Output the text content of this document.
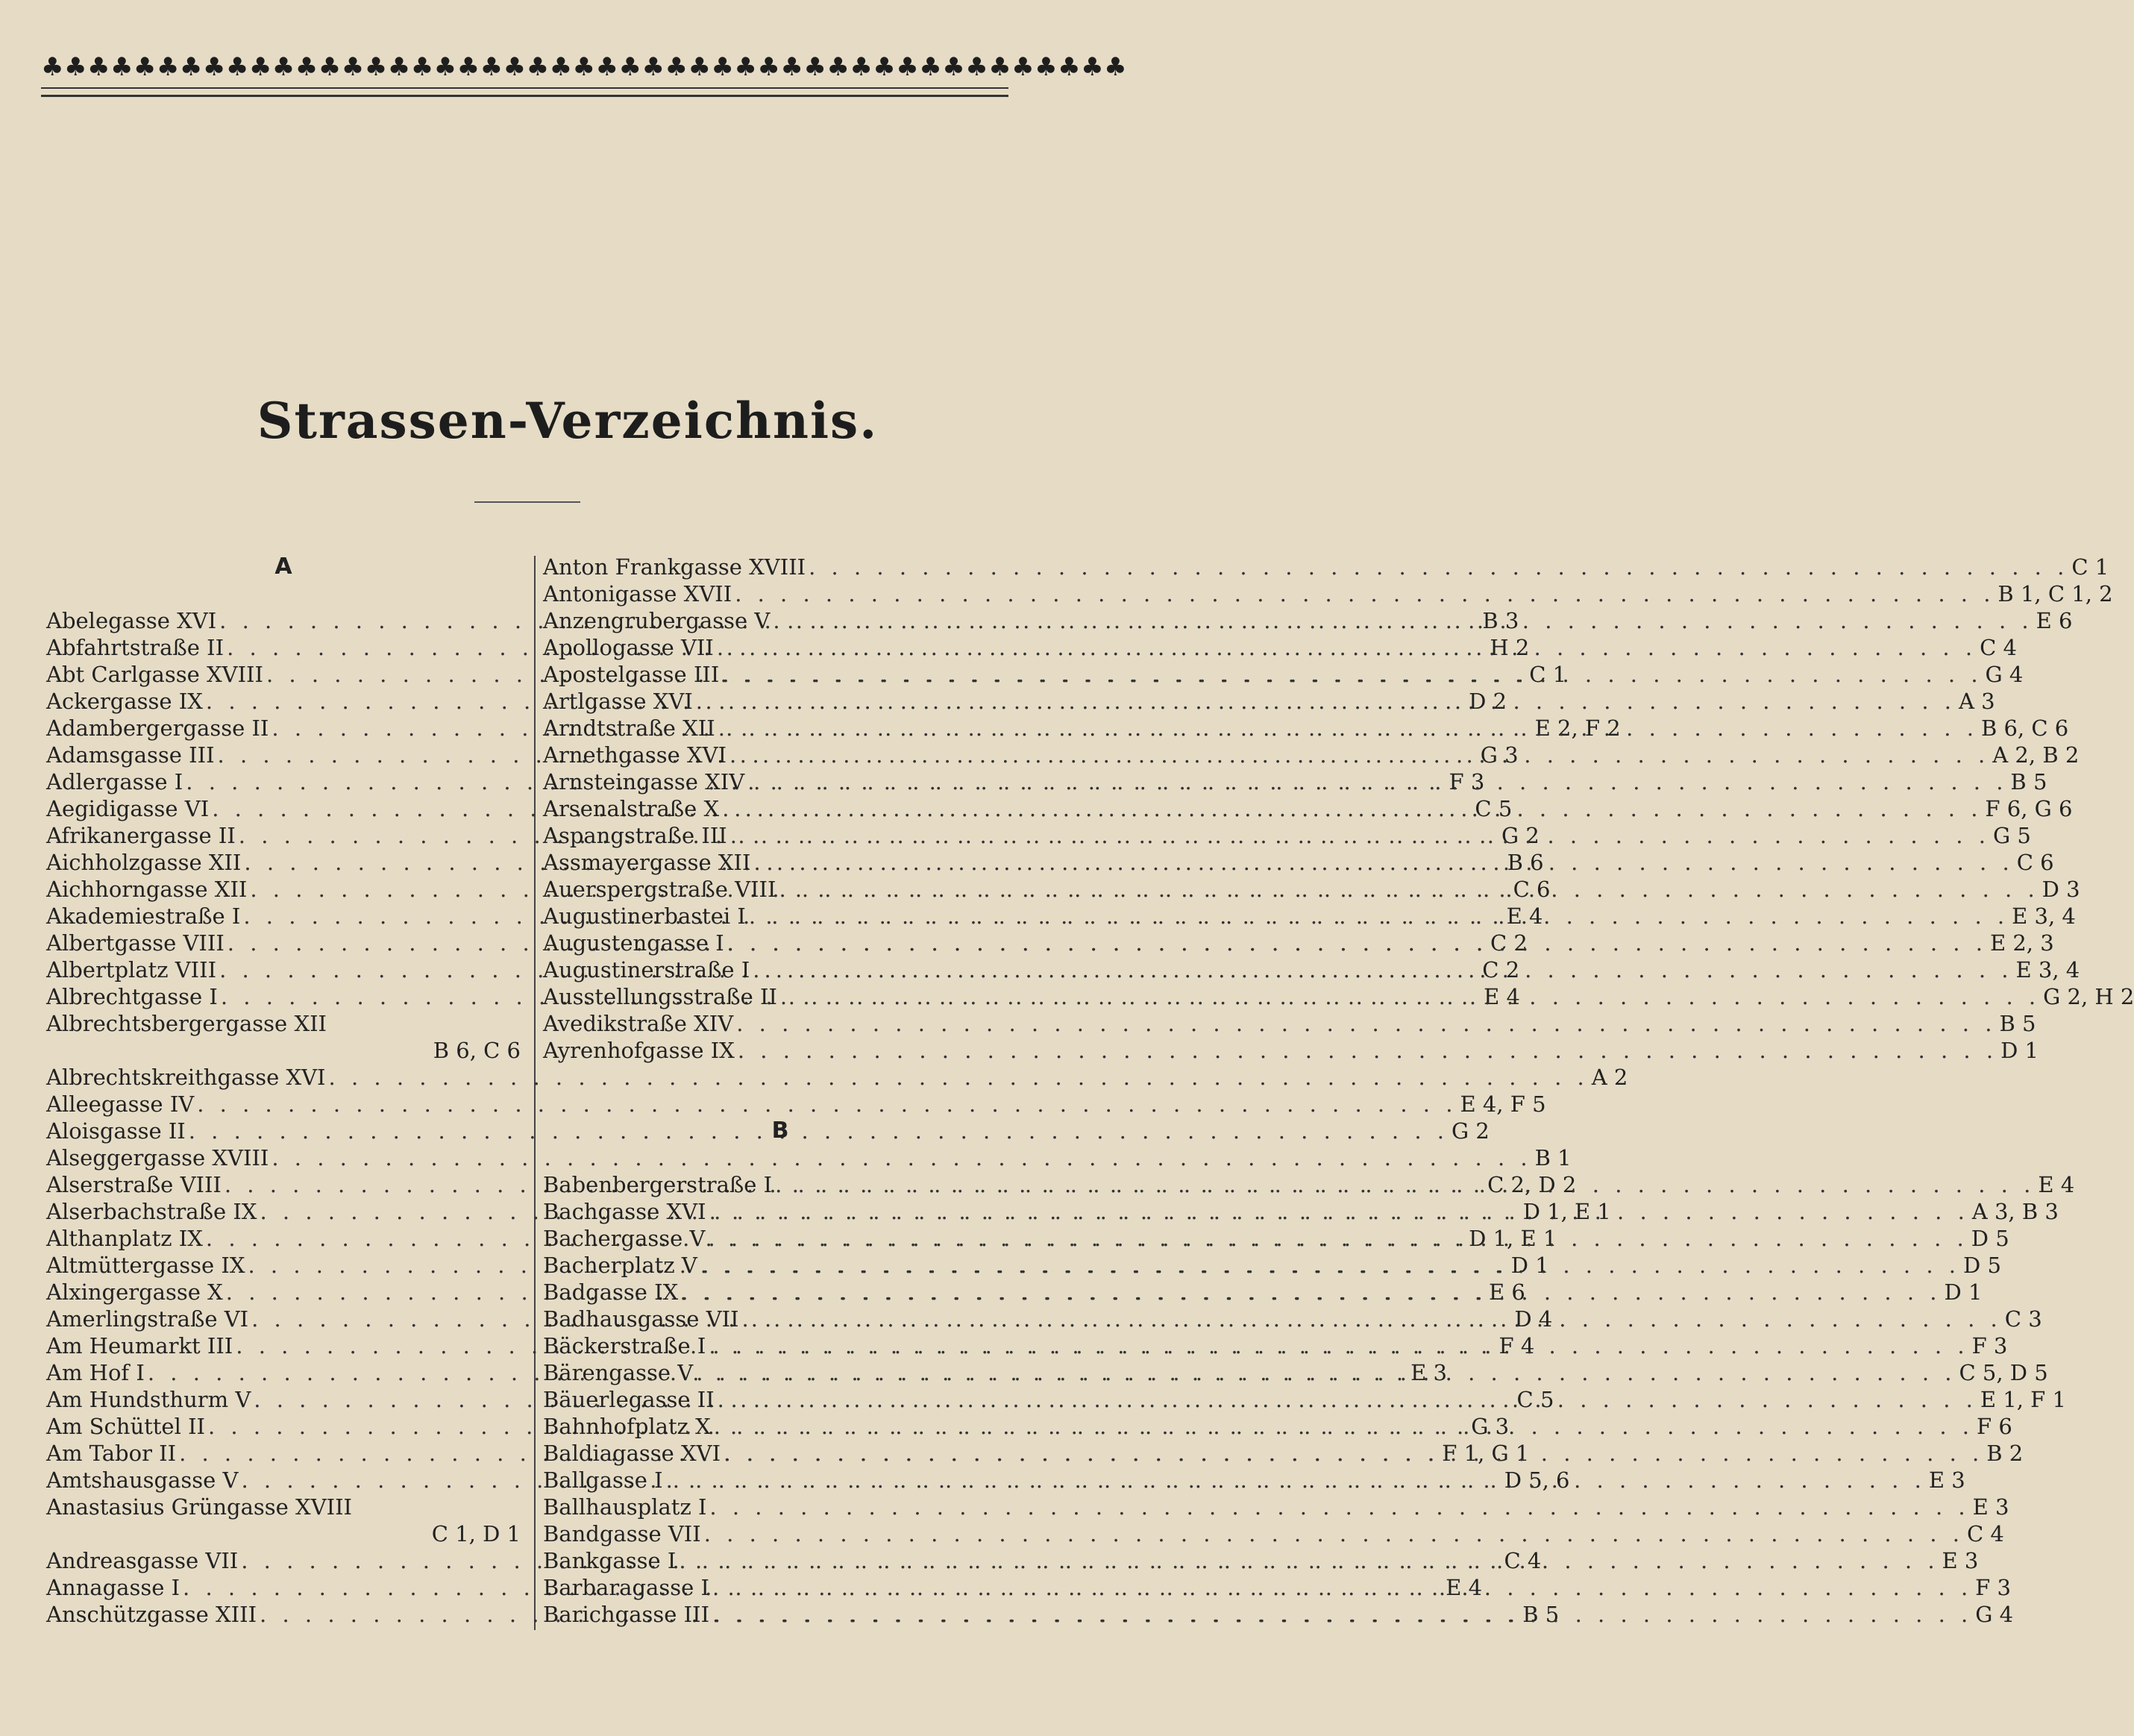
♣♣♣♣♣♣♣♣♣♣♣♣♣♣♣♣♣♣♣♣♣♣♣♣♣♣♣♣♣♣♣♣♣♣♣♣♣♣♣♣♣♣♣♣♣♣♣
Strassen-Verzeichnis.
A
Abelegasse XVI . . .	B 3
Abfahrtstraße II . . .	H 2
Abt Carlgasse XVIII . . .	C 1
Ackergasse IX . . .	D 2
Adambergergasse II . . .	E 2, F 2
Adamsgasse III . . .	G 3
Adlergasse I . . .	F 3
Aegidigasse VI . . .	C 5
Afrikanergasse II . . .	G 2
Aichholzgasse XII . . .	B 6
Aichhorngasse XII . . .	C 6
Akademiestraße I . . .	E 4
Albertgasse VIII . . .	C 2
Albertplatz VIII . . .	C 2
Albrechtgasse I . . .	E 4
Albrechtsbergergasse XII
B 6, C 6
Albrechtskreithgasse XVI . . .	A 2
Alleegasse IV . . .	E 4, F 5
Aloisgasse II . . .	G 2
Alseggergasse XVIII . . .	B 1
Alserstraße VIII . . .	C 2, D 2
Alserbachstraße IX . . .	D 1, E 1
Althanplatz IX . . .	D 1, E 1
Altmüttergasse IX . . .	D 1
Alxingergasse X . . .	E 6
Amerlingstraße VI . . .	D 4
Am Heumarkt III . . .	F 4
Am Hof I . . .	E 3
Am Hundsthurm V . . .	C 5
Am Schüttel II . . .	G 3
Am Tabor II . . .	F 1, G 1
Amtshausgasse V . . .	D 5, 6
Anastasius Grüngasse XVIII
C 1, D 1
Andreasgasse VII . . .	C 4
Annagasse I . . .	E 4
Anschützgasse XIII . . .	B 5
Anton Frankgasse XVIII . . .	C 1
Antonigasse XVII . . .	B 1, C 1, 2
Anzengrubergasse V . . .	E 6
Apollogasse VII . . .	C 4
Apostelgasse III . . .	G 4
Artlgasse XVI . . .	A 3
Arndtstraße XII . . .	B 6, C 6
Arnethgasse XVI . . .	A 2, B 2
Arnsteingasse XIV . . .	B 5
Arsenalstraße X . . .	F 6, G 6
Aspangstraße III . . .	G 5
Assmayergasse XII . . .	C 6
Auerspergstraße VIII . . .	D 3
Augustinerbastei I . . .	E 3, 4
Augustengasse I . . .	E 2, 3
Augustinerstraße I . . .	E 3, 4
Ausstellungsstraße II . . .	G 2, H 2
Avedikstraße XIV . . .	B 5
Ayrenhofgasse IX . . .	D 1
B
Babenbergerstraße I . . .	E 4
Bachgasse XVI . . .	A 3, B 3
Bachergasse V . . .	D 5
Bacherplatz V . . .	D 5
Badgasse IX . . .	D 1
Badhausgasse VII . . .	C 3
Bäckerstraße I . . .	F 3
Bärengasse V . . .	C 5, D 5
Bäuerlegasse II . . .	E 1, F 1
Bahnhofplatz X . . .	F 6
Baldiagasse XVI . . .	B 2
Ballgasse I . . .	E 3
Ballhausplatz I . . .	E 3
Bandgasse VII . . .	C 4
Bankgasse I . . .	E 3
Barbaragasse I . . .	F 3
Barichgasse III . . .	G 4
